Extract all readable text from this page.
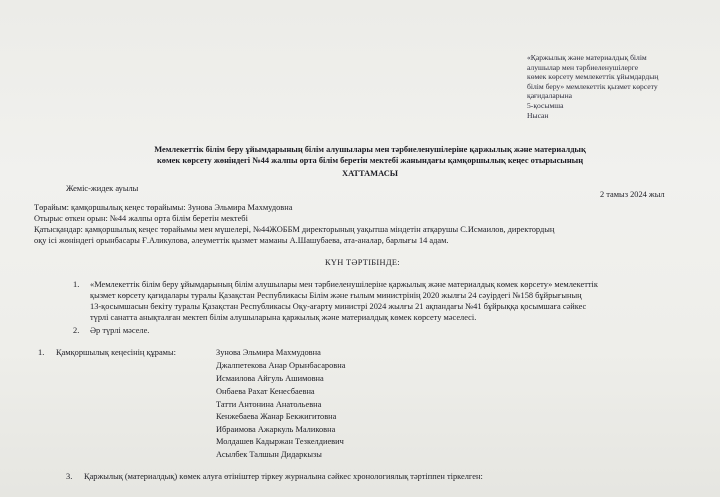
«Қаржылық және материалдық білім
алушылар мен тәрбиеленушілерге
көмек көрсету мемлекеттік ұйымдардың
білім беру» мемлекеттік қызмет көрсету
қағидаларына
5-қосымша
Нысан
Мемлекеттік білім беру ұйымдарының білім алушылары мен тәрбиеленушілеріне қаржылық және материалдық
көмек көрсету жөніндегі №44 жалпы орта білім беретін мектебі жанындағы қамқоршылық кеңес отырысының
ХАТТАМАСЫ
Жеміс-жидек ауылы
2 тамыз 2024 жыл
Төрайым: қамқоршылық кеңес төрайымы: Зунова Эльмира Махмудовна
Отырыс өткен орын: №44 жалпы орта білім беретін мектебі
Қатысқандар: қамқоршылық кеңес төрайымы мен мүшелері, №44ЖОББМ директорының уақытша міндетін атқарушы С.Исмаилов, директордың
оқу ісі жөніндегі орынбасары Ғ.Аликулова, әлеуметтік қызмет маманы А.Шашубаева, ата-аналар, барлығы 14 адам.
КҮН ТӘРТІБІНДЕ:
1. «Мемлекеттік білім беру ұйымдарының білім алушылары мен тәрбиеленушілеріне қаржылық және материалдық көмек көрсету» мемлекеттік
қызмет көрсету қағидалары туралы Қазақстан Республикасы Білім және ғылым министрінің 2020 жылғы 24 сәуірдегі №158 бұйрығының
13-қосымшасын бекіту туралы Қазақстан Республикасы Оқу-ағарту министрі 2024 жылғы 21 ақпандағы №41 бұйрыққа қосымшаға сәйкес
түрлі санатта анықталған мектеп білім алушыларына қаржылық және материалдық көмек көрсету мәселесі.
2. Әр түрлі мәселе.
1. Қамқоршылық кеңесінің құрамы:	Зунова Эльмира Махмудовна
Джалпетекова Анар Орынбасаровна
Исмаилова Айгуль Ашимовна
Онбаева Рахат Кенесбаевна
Татти Антонина Анатольевна
Кенжебаева Жанар Бекжигитовна
Ибраимова Ажаркуль Маликовна
Молдашев Кадыржан Тезкелдиевич
Асылбек Талшын Дидаркызы
3. Қаржылық (материалдық) көмек алуға өтініштер тіркеу журналына сәйкес хронологиялық тәртіппен тіркелген:
